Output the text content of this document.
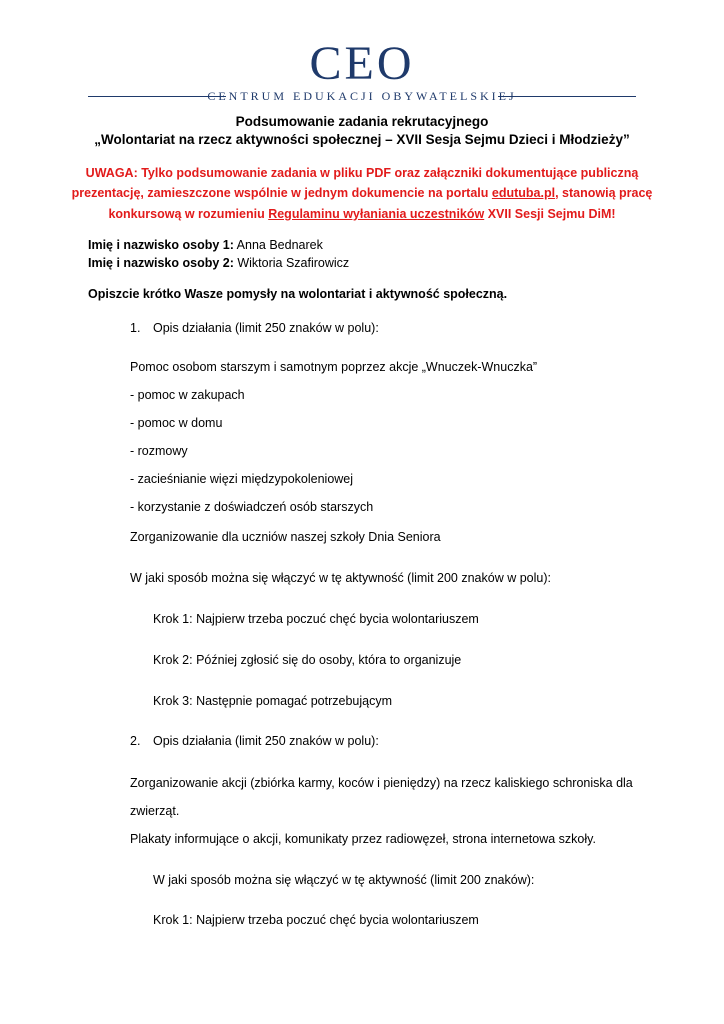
CEO
CENTRUM EDUKACJI OBYWATELSKIEJ
Podsumowanie zadania rekrutacyjnego
„Wolontariat na rzecz aktywności społecznej – XVII Sesja Sejmu Dzieci i Młodzieży”
UWAGA: Tylko podsumowanie zadania w pliku PDF oraz załączniki dokumentujące publiczną
prezentację, zamieszczone wspólnie w jednym dokumencie na portalu edutuba.pl, stanowią pracę
konkursową w rozumieniu Regulaminu wyłaniania uczestników XVII Sesji Sejmu DiM!
Imię i nazwisko osoby 1: Anna Bednarek
Imię i nazwisko osoby 2: Wiktoria Szafirowicz
Opiszcie krótko Wasze pomysły na wolontariat i aktywność społeczną.
1. Opis działania (limit 250 znaków w polu):
Pomoc osobom starszym i samotnym poprzez akcje „Wnuczek-Wnuczka”
- pomoc w zakupach
- pomoc w domu
- rozmowy
- zacieśnianie więzi międzypokoleniowej
- korzystanie z doświadczeń osób starszych
Zorganizowanie dla uczniów naszej szkoły Dnia Seniora
W jaki sposób można się włączyć w tę aktywność (limit 200 znaków w polu):
Krok 1: Najpierw trzeba poczuć chęć bycia wolontariuszem
Krok 2: Później zgłosić się do osoby, która to organizuje
Krok 3: Następnie pomagać potrzebującym
2. Opis działania (limit 250 znaków w polu):
Zorganizowanie akcji (zbiórka karmy, koców i pieniędzy) na rzecz kaliskiego schroniska dla
zwierząt.
Plakaty informujące o akcji, komunikaty przez radiowęzeł, strona internetowa szkoły.
W jaki sposób można się włączyć w tę aktywność (limit 200 znaków):
Krok 1: Najpierw trzeba poczuć chęć bycia wolontariuszem
